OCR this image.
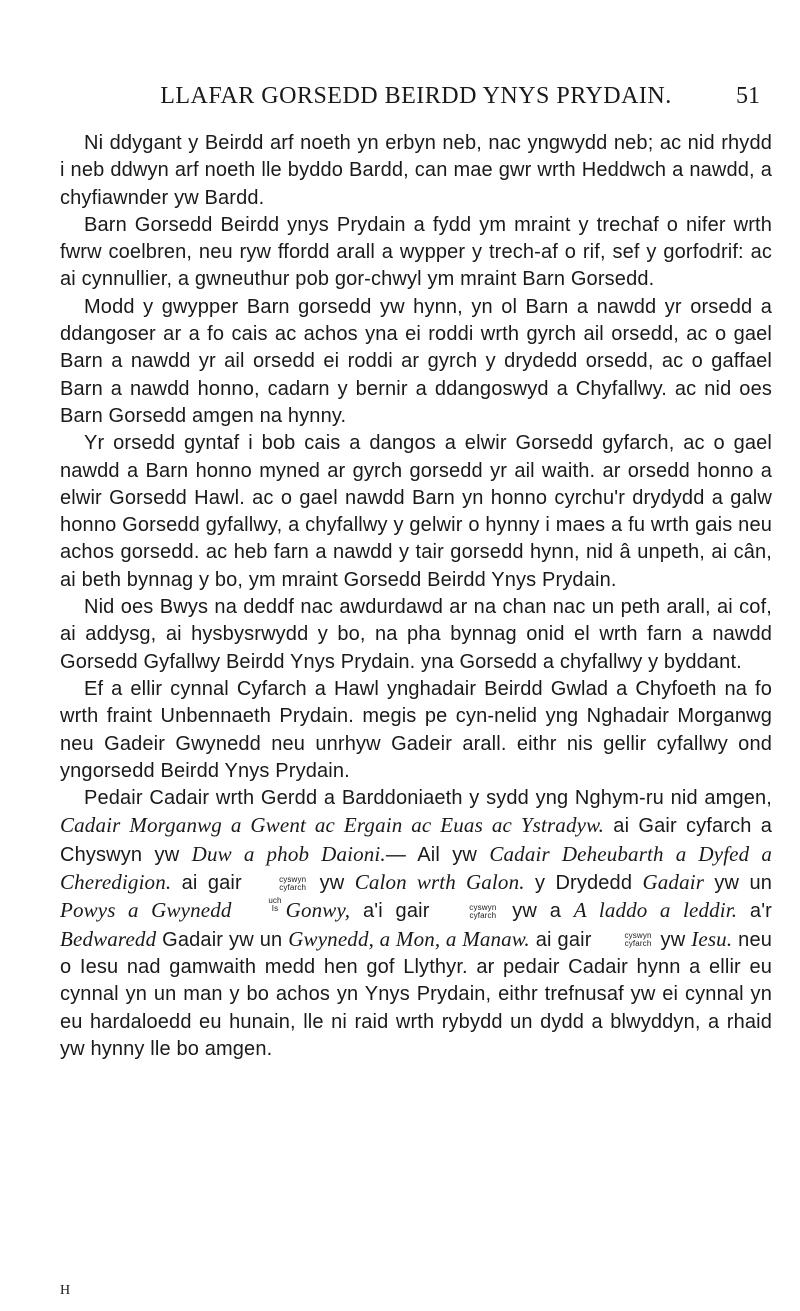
LLAFAR GORSEDD BEIRDD YNYS PRYDAIN.	51

Ni ddygant y Beirdd arf noeth yn erbyn neb, nac yngwydd neb; ac nid rhydd i neb ddwyn arf noeth lle byddo Bardd, can mae gwr wrth Heddwch a nawdd, a chyfiawnder yw Bardd.

Barn Gorsedd Beirdd ynys Prydain a fydd ym mraint y trechaf o nifer wrth fwrw coelbren, neu ryw ffordd arall a wypper y trech-af o rif, sef y gorfodrif: ac ai cynnullier, a gwneuthur pob gor-chwyl ym mraint Barn Gorsedd.

Modd y gwypper Barn gorsedd yw hynn, yn ol Barn a nawdd yr orsedd a ddangoser ar a fo cais ac achos yna ei roddi wrth gyrch ail orsedd, ac o gael Barn a nawdd yr ail orsedd ei roddi ar gyrch y drydedd orsedd, ac o gaffael Barn a nawdd honno, cadarn y bernir a ddangoswyd a Chyfallwy. ac nid oes Barn Gorsedd amgen na hynny.

Yr orsedd gyntaf i bob cais a dangos a elwir Gorsedd gyfarch, ac o gael nawdd a Barn honno myned ar gyrch gorsedd yr ail waith. ar orsedd honno a elwir Gorsedd Hawl. ac o gael nawdd Barn yn honno cyrchu'r drydydd a galw honno Gorsedd gyfallwy, a chyfallwy y gelwir o hynny i maes a fu wrth gais neu achos gorsedd. ac heb farn a nawdd y tair gorsedd hynn, nid â unpeth, ai cân, ai beth bynnag y bo, ym mraint Gorsedd Beirdd Ynys Prydain.

Nid oes Bwys na deddf nac awdurdawd ar na chan nac un peth arall, ai cof, ai addysg, ai hysbysrwydd y bo, na pha bynnag onid el wrth farn a nawdd Gorsedd Gyfallwy Beirdd Ynys Prydain. yna Gorsedd a chyfallwy y byddant.

Ef a ellir cynnal Cyfarch a Hawl ynghadair Beirdd Gwlad a Chyfoeth na fo wrth fraint Unbennaeth Prydain. megis pe cyn-nelid yng Nghadair Morganwg neu Gadeir Gwynedd neu unrhyw Gadeir arall. eithr nis gellir cyfallwy ond yngorsedd Beirdd Ynys Prydain.

Pedair Cadair wrth Gerdd a Barddoniaeth y sydd yng Nghym-ru nid amgen, Cadair Morganwg a Gwent ac Ergain ac Euas ac Ystradyw. ai Gair cyfarch a Chyswyn yw Duw a phob Daioni.— Ail yw Cadair Deheubarth a Dyfed a Cheredigion. ai gair	cyswyn
cyfarch yw Calon wrth Galon. y Drydedd Gadair yw un Powys a Gwynedd	uch
Is Gonwy, a'i gair	cyswyn
cyfarch yw a A laddo a leddir. a'r Bedwaredd Gadair yw un Gwynedd, a Mon, a Manaw. ai gair	cyswyn
cyfarch yw Iesu. neu o Iesu nad gamwaith medd hen gof Llythyr. ar pedair Cadair hynn a ellir eu cynnal yn un man y bo achos yn Ynys Prydain, eithr trefnusaf yw ei cynnal yn eu hardaloedd eu hunain, lle ni raid wrth rybydd un dydd a blwyddyn, a rhaid yw hynny lle bo amgen.

H
